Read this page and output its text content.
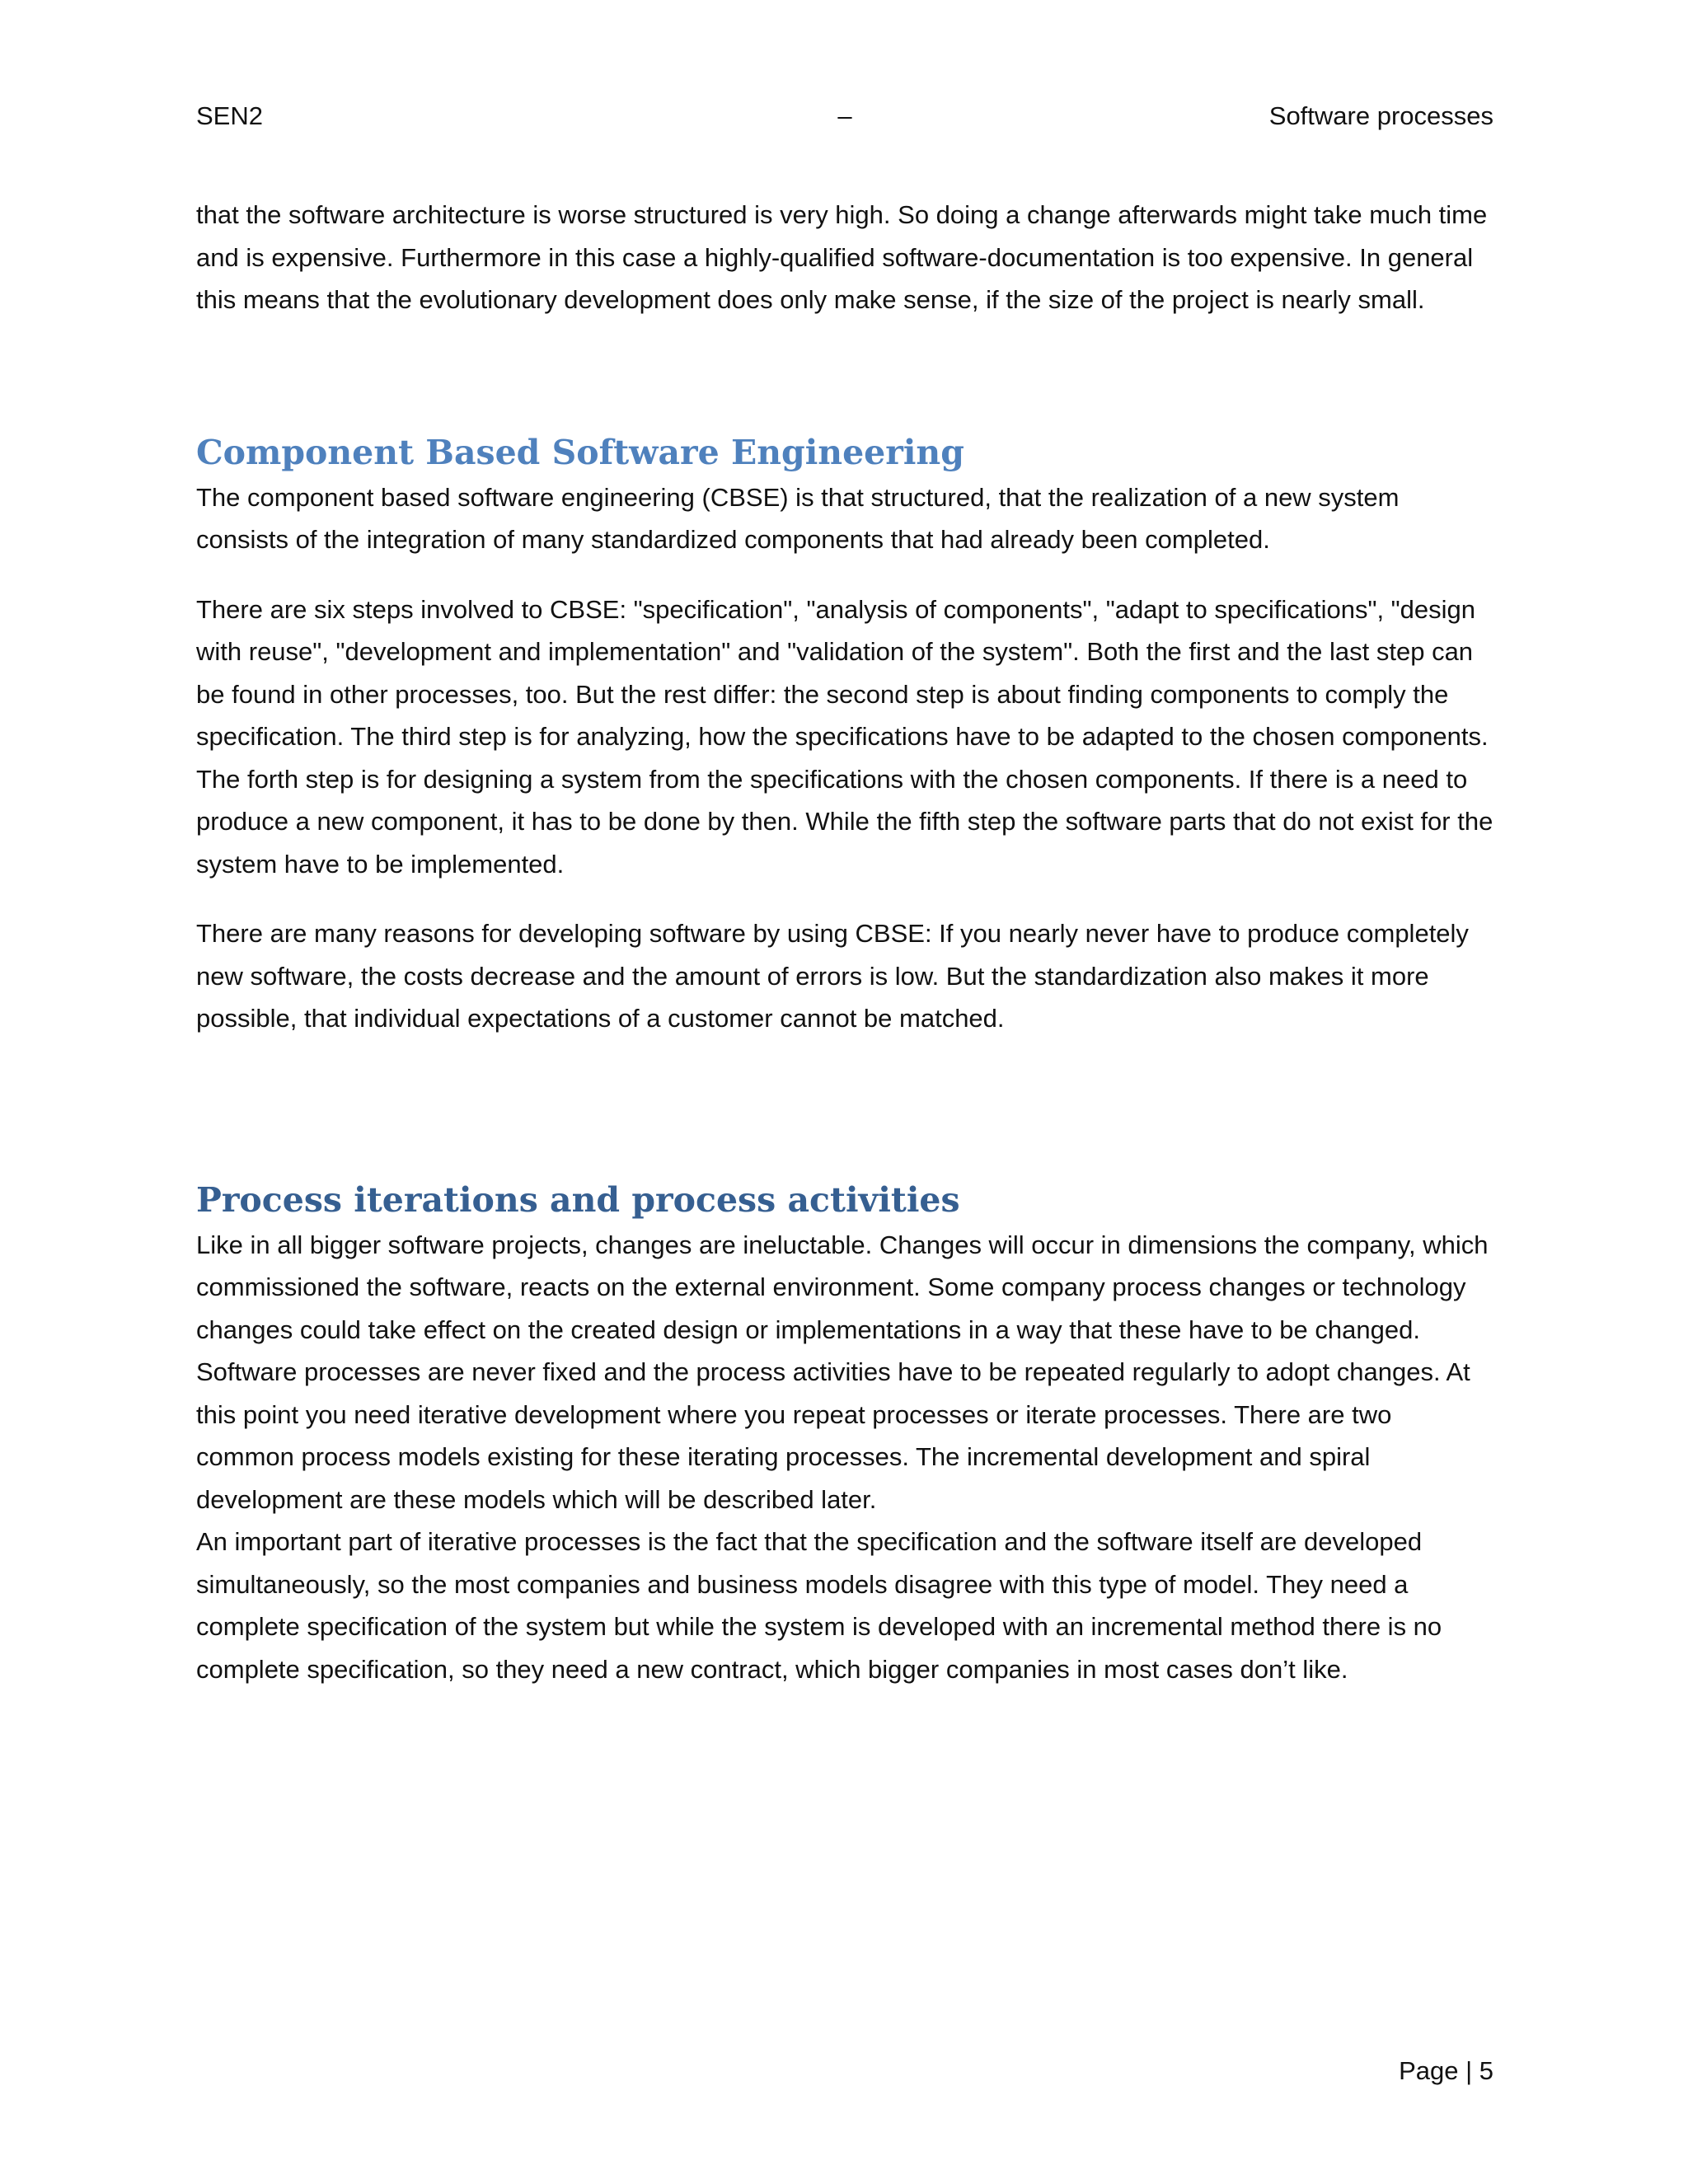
SEN2	–	Software processes

that the software architecture is worse structured is very high. So doing a change afterwards might take much time and is expensive. Furthermore in this case a highly-qualified software-documentation is too expensive. In general this means that the evolutionary development does only make sense, if the size of the project is nearly small.

Component Based Software Engineering

The component based software engineering (CBSE) is that structured, that the realization of a new system consists of the integration of many standardized components that had already been completed.

There are six steps involved to CBSE: "specification", "analysis of components", "adapt to specifications", "design with reuse", "development and implementation" and "validation of the system". Both the first and the last step can be found in other processes, too. But the rest differ: the second step is about finding components to comply the specification. The third step is for analyzing, how the specifications have to be adapted to the chosen components. The forth step is for designing a system from the specifications with the chosen components. If there is a need to produce a new component, it has to be done by then. While the fifth step the software parts that do not exist for the system have to be implemented.

There are many reasons for developing software by using CBSE: If you nearly never have to produce completely new software, the costs decrease and the amount of errors is low. But the standardization also makes it more possible, that individual expectations of a customer cannot be matched.

Process iterations and process activities

Like in all bigger software projects, changes are ineluctable. Changes will occur in dimensions the company, which commissioned the software, reacts on the external environment. Some company process changes or technology changes could take effect on the created design or implementations in a way that these have to be changed. Software processes are never fixed and the process activities have to be repeated regularly to adopt changes. At this point you need iterative development where you repeat processes or iterate processes. There are two common process models existing for these iterating processes. The incremental development and spiral development are these models which will be described later.

An important part of iterative processes is the fact that the specification and the software itself are developed simultaneously, so the most companies and business models disagree with this type of model. They need a complete specification of the system but while the system is developed with an incremental method there is no complete specification, so they need a new contract, which bigger companies in most cases don’t like.

Page | 5
